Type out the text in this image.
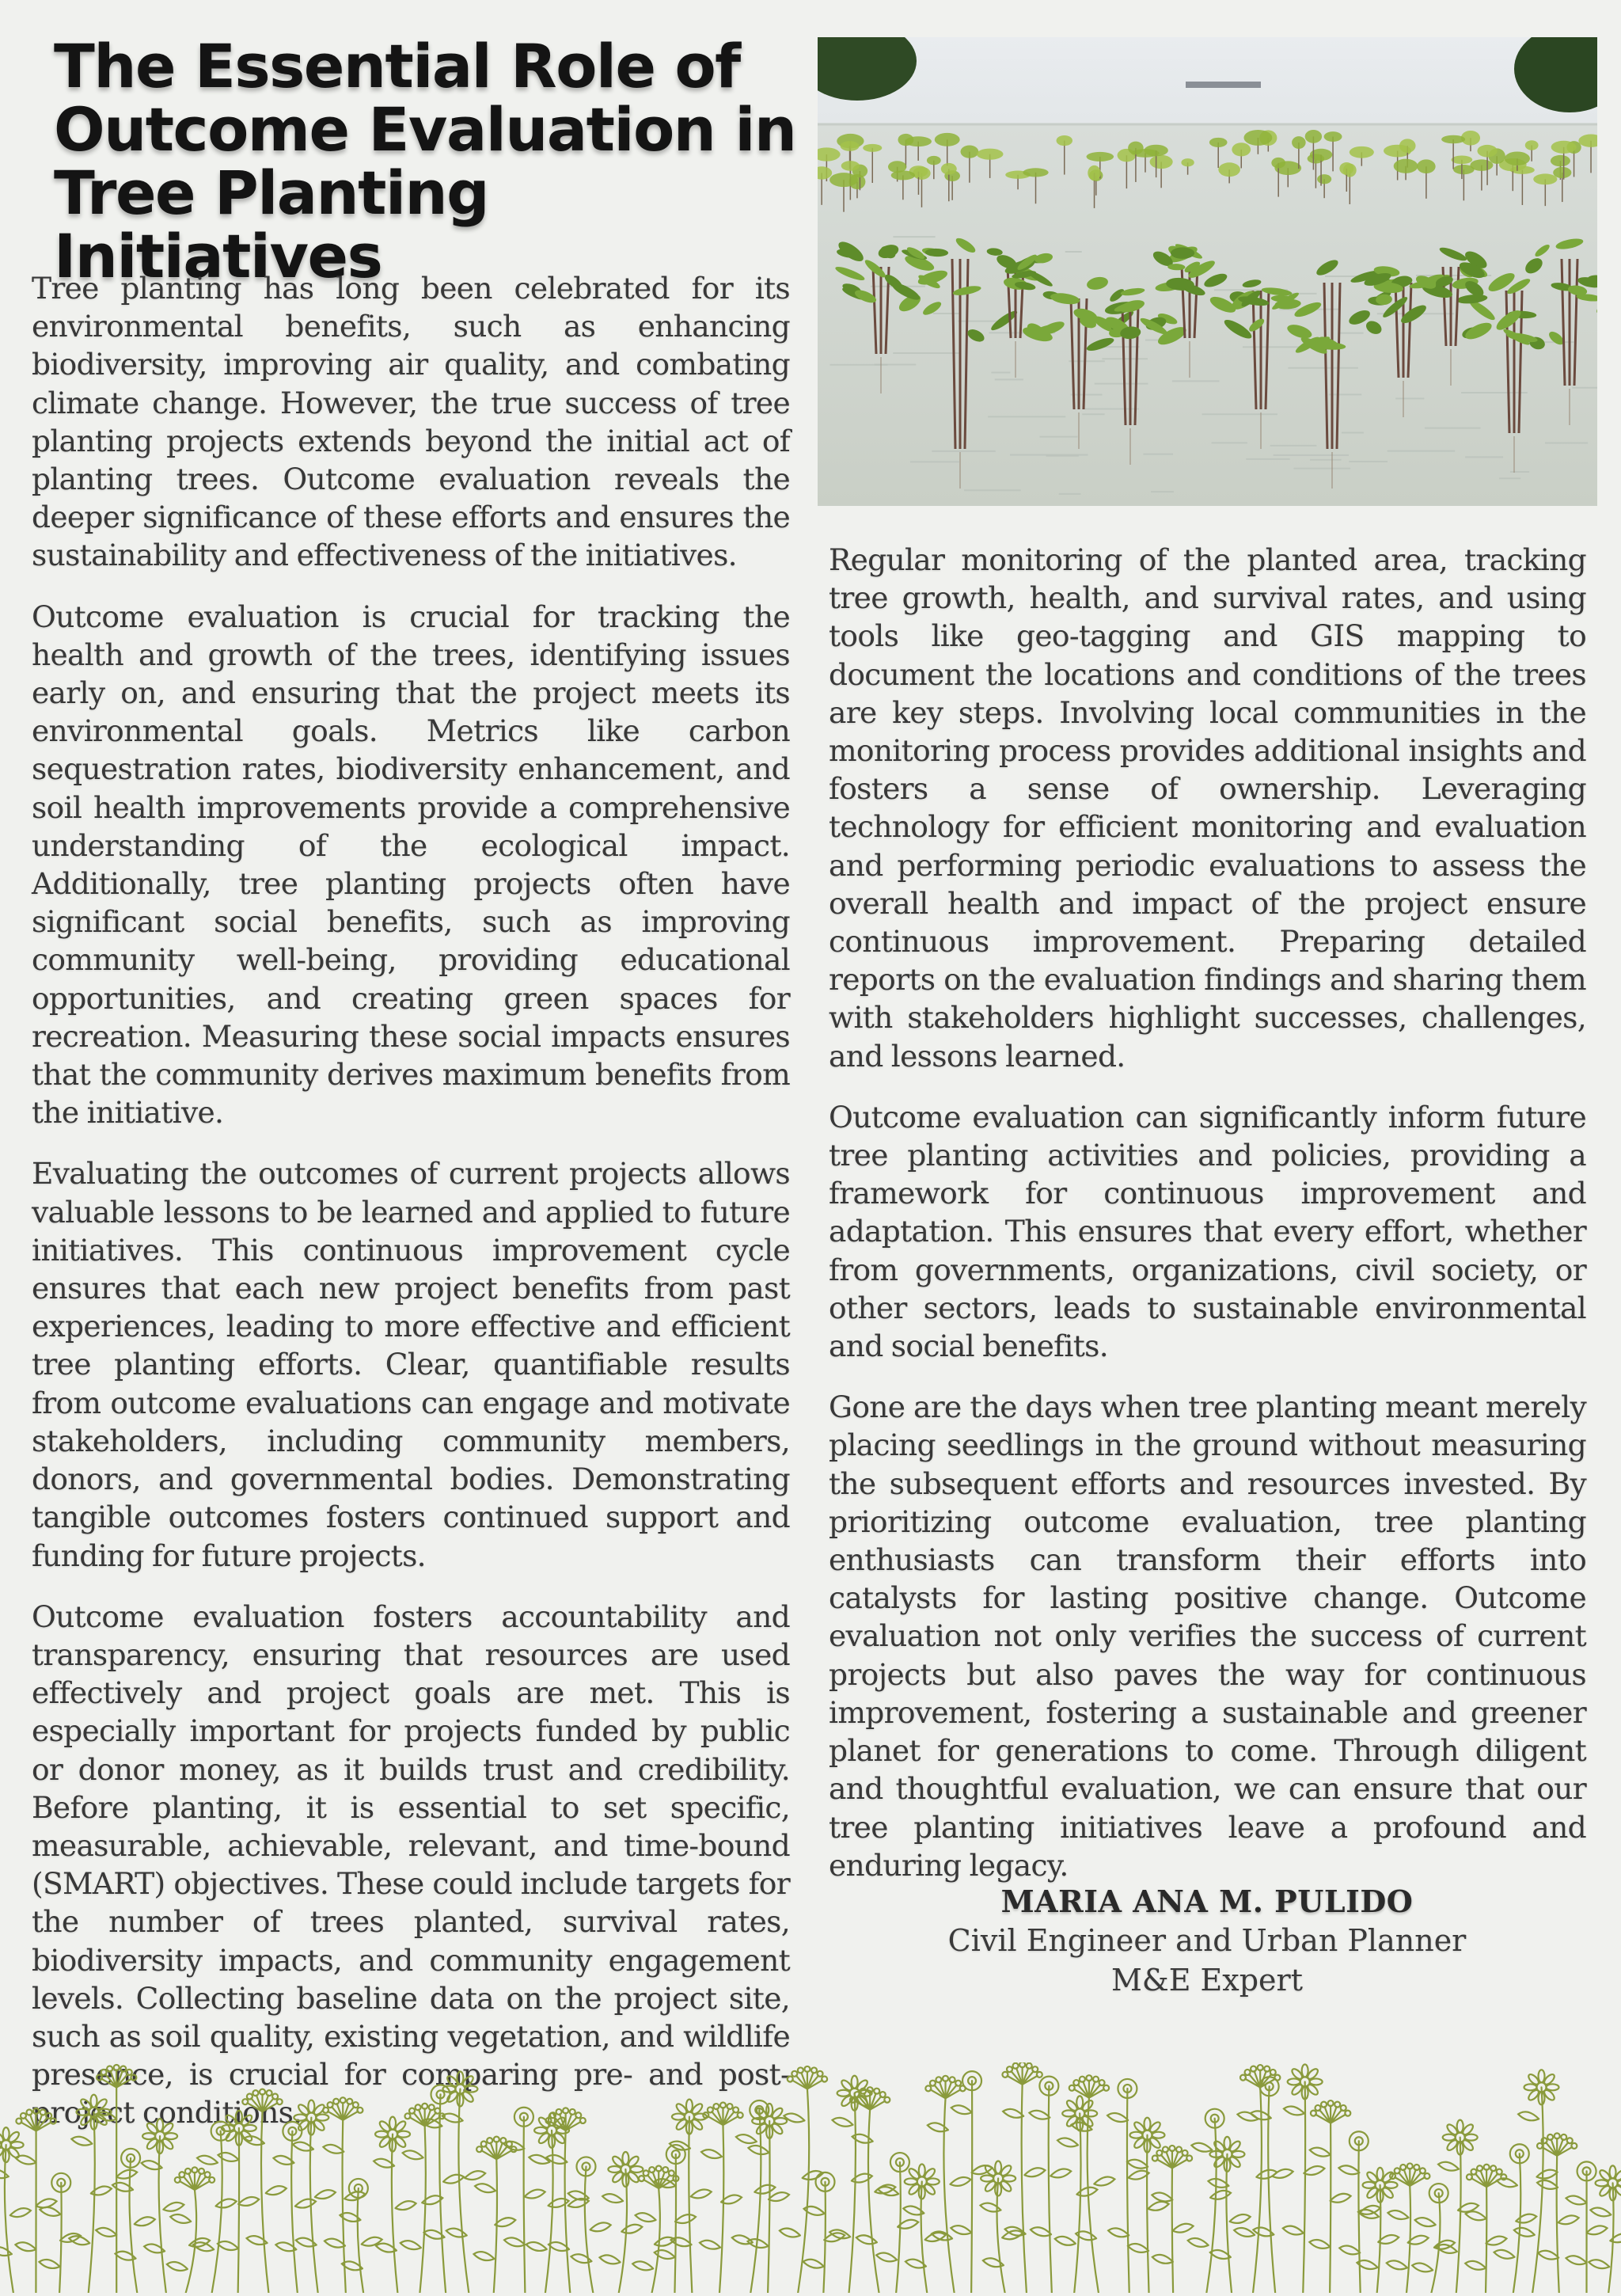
The Essential Role of Outcome Evaluation in Tree Planting Initiatives

Tree planting has long been celebrated for its environmental benefits, such as enhancing biodiversity, improving air quality, and combating climate change. However, the true success of tree planting projects extends beyond the initial act of planting trees. Outcome evaluation reveals the deeper significance of these efforts and ensures the sustainability and effectiveness of the initiatives.

Outcome evaluation is crucial for tracking the health and growth of the trees, identifying issues early on, and ensuring that the project meets its environmental goals. Metrics like carbon sequestration rates, biodiversity enhancement, and soil health improvements provide a comprehensive understanding of the ecological impact. Additionally, tree planting projects often have significant social benefits, such as improving community well-being, providing educational opportunities, and creating green spaces for recreation. Measuring these social impacts ensures that the community derives maximum benefits from the initiative.

Evaluating the outcomes of current projects allows valuable lessons to be learned and applied to future initiatives. This continuous improvement cycle ensures that each new project benefits from past experiences, leading to more effective and efficient tree planting efforts. Clear, quantifiable results from outcome evaluations can engage and motivate stakeholders, including community members, donors, and governmental bodies. Demonstrating tangible outcomes fosters continued support and funding for future projects.

Outcome evaluation fosters accountability and transparency, ensuring that resources are used effectively and project goals are met. This is especially important for projects funded by public or donor money, as it builds trust and credibility. Before planting, it is essential to set specific, measurable, achievable, relevant, and time-bound (SMART) objectives. These could include targets for the number of trees planted, survival rates, biodiversity impacts, and community engagement levels. Collecting baseline data on the project site, such as soil quality, existing vegetation, and wildlife presence, is crucial for comparing pre- and post-project conditions.

Regular monitoring of the planted area, tracking tree growth, health, and survival rates, and using tools like geo-tagging and GIS mapping to document the locations and conditions of the trees are key steps. Involving local communities in the monitoring process provides additional insights and fosters a sense of ownership. Leveraging technology for efficient monitoring and evaluation and performing periodic evaluations to assess the overall health and impact of the project ensure continuous improvement. Preparing detailed reports on the evaluation findings and sharing them with stakeholders highlight successes, challenges, and lessons learned.

Outcome evaluation can significantly inform future tree planting activities and policies, providing a framework for continuous improvement and adaptation. This ensures that every effort, whether from governments, organizations, civil society, or other sectors, leads to sustainable environmental and social benefits.

Gone are the days when tree planting meant merely placing seedlings in the ground without measuring the subsequent efforts and resources invested. By prioritizing outcome evaluation, tree planting enthusiasts can transform their efforts into catalysts for lasting positive change. Outcome evaluation not only verifies the success of current projects but also paves the way for continuous improvement, fostering a sustainable and greener planet for generations to come. Through diligent and thoughtful evaluation, we can ensure that our tree planting initiatives leave a profound and enduring legacy.

MARIA ANA M. PULIDO
Civil Engineer and Urban Planner
M&E Expert
